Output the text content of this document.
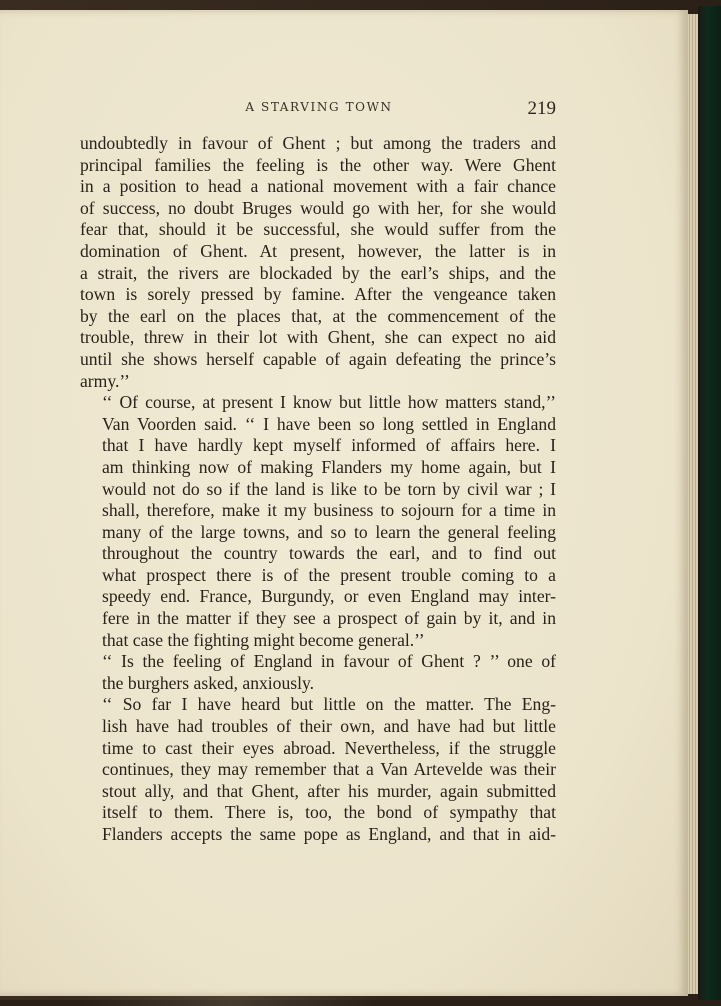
A STARVING TOWN	219
undoubtedly in favour of Ghent ; but among the traders and
principal families the feeling is the other way. Were Ghent
in a position to head a national movement with a fair chance
of success, no doubt Bruges would go with her, for she would
fear that, should it be successful, she would suffer from the
domination of Ghent. At present, however, the latter is in
a strait, the rivers are blockaded by the earl’s ships, and the
town is sorely pressed by famine. After the vengeance taken
by the earl on the places that, at the commencement of the
trouble, threw in their lot with Ghent, she can expect no aid
until she shows herself capable of again defeating the prince’s
army.’’
‘‘ Of course, at present I know but little how matters stand,’’
Van Voorden said. ‘‘ I have been so long settled in England
that I have hardly kept myself informed of affairs here. I
am thinking now of making Flanders my home again, but I
would not do so if the land is like to be torn by civil war ; I
shall, therefore, make it my business to sojourn for a time in
many of the large towns, and so to learn the general feeling
throughout the country towards the earl, and to find out
what prospect there is of the present trouble coming to a
speedy end. France, Burgundy, or even England may inter-
fere in the matter if they see a prospect of gain by it, and in
that case the fighting might become general.’’
‘‘ Is the feeling of England in favour of Ghent ? ’’ one of
the burghers asked, anxiously.
‘‘ So far I have heard but little on the matter. The Eng-
lish have had troubles of their own, and have had but little
time to cast their eyes abroad. Nevertheless, if the struggle
continues, they may remember that a Van Artevelde was their
stout ally, and that Ghent, after his murder, again submitted
itself to them. There is, too, the bond of sympathy that
Flanders accepts the same pope as England, and that in aid-
